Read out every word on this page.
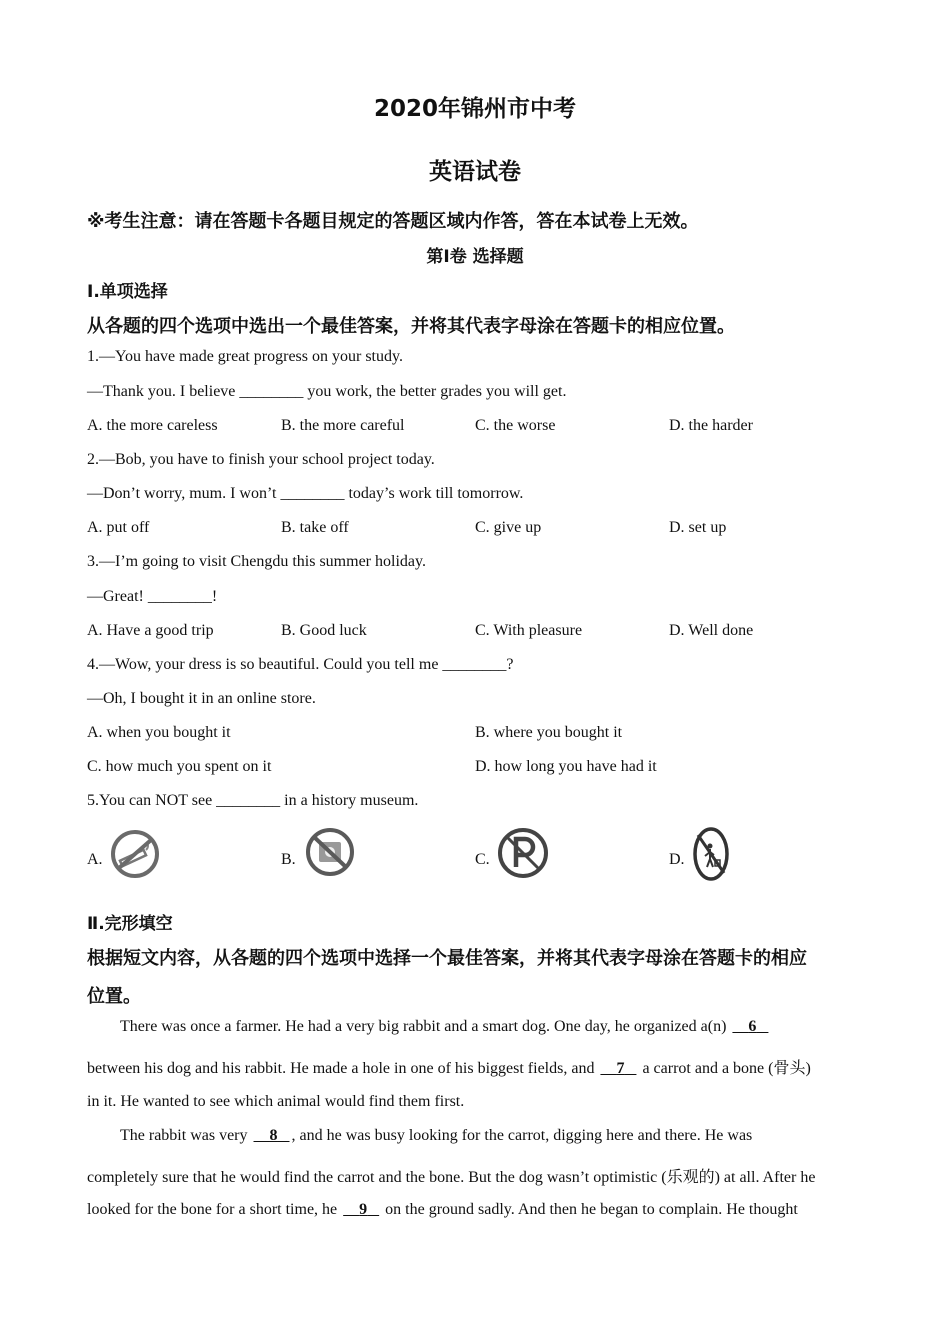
2020年锦州市中考
英语试卷
※考生注意：请在答题卡各题目规定的答题区域内作答，答在本试卷上无效。
第Ⅰ卷 选择题
Ⅰ.单项选择
从各题的四个选项中选出一个最佳答案，并将其代表字母涂在答题卡的相应位置。
1.—You have made great progress on your study.
—Thank you. I believe ________ you work, the better grades you will get.
A. the more careless	B. the more careful	C. the worse	D. the harder
2.—Bob, you have to finish your school project today.
—Don’t worry, mum. I won’t ________ today’s work till tomorrow.
A. put off	B. take off	C. give up	D. set up
3.—I’m going to visit Chengdu this summer holiday.
—Great! ________!
A. Have a good trip	B. Good luck	C. With pleasure	D. Well done
4.—Wow, your dress is so beautiful. Could you tell me ________?
—Oh, I bought it in an online store.
A. when you bought it	B. where you bought it
C. how much you spent on it	D. how long you have had it
5.You can NOT see ________ in a history museum.
A.	B.	C.	D.
Ⅱ.完形填空
根据短文内容，从各题的四个选项中选择一个最佳答案，并将其代表字母涂在答题卡的相应
位置。
There was once a farmer. He had a very big rabbit and a smart dog. One day, he organized a(n) 6
between his dog and his rabbit. He made a hole in one of his biggest fields, and 7 a carrot and a bone (骨头)
in it. He wanted to see which animal would find them first.
The rabbit was very 8 , and he was busy looking for the carrot, digging here and there. He was
completely sure that he would find the carrot and the bone. But the dog wasn’t optimistic (乐观的) at all. After he
looked for the bone for a short time, he 9 on the ground sadly. And then he began to complain. He thought
